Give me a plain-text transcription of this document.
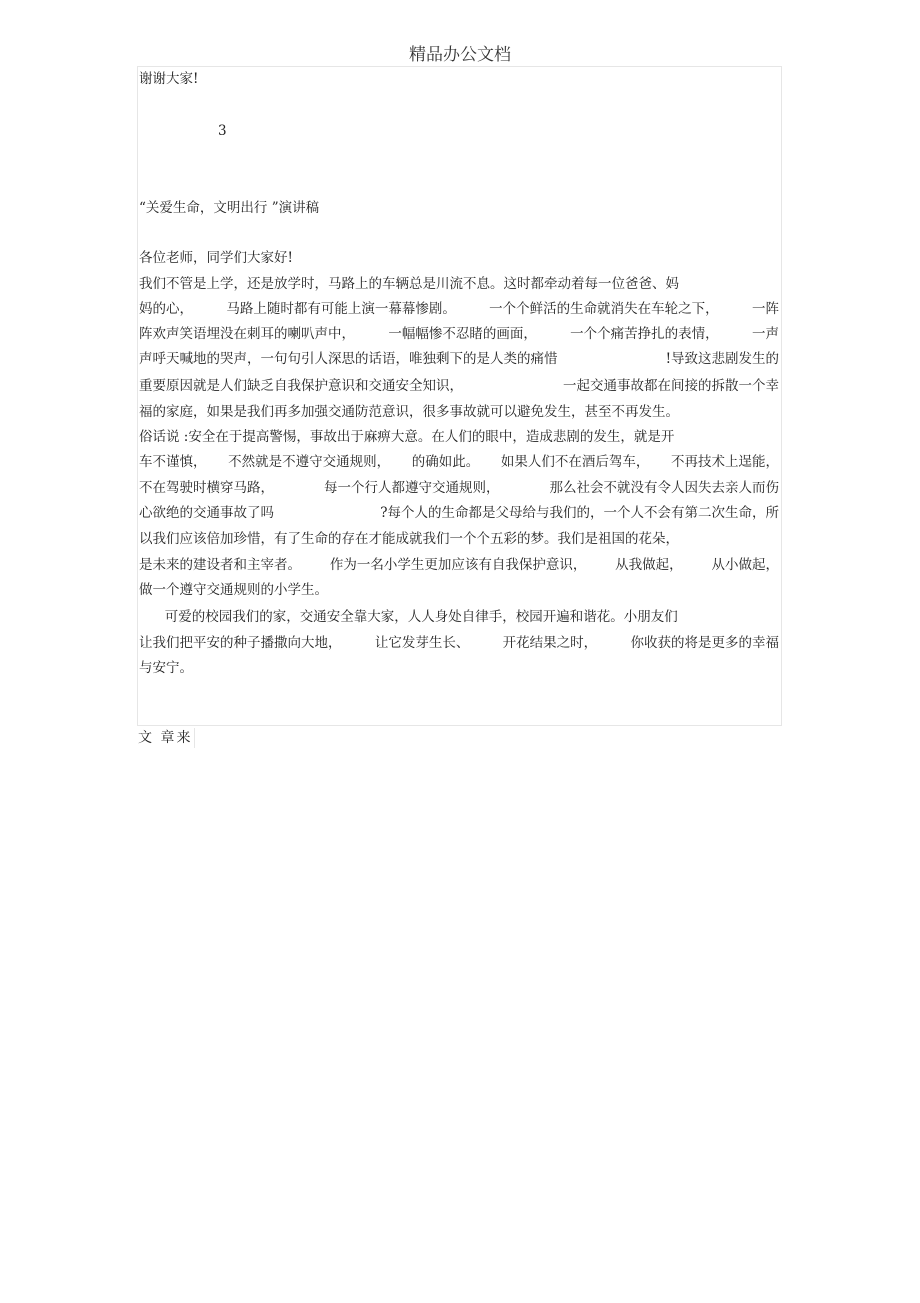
精品办公文档
谢谢大家!
3
“关爱生命，文明出行 ”演讲稿
各位老师，同学们大家好!
我们不管是上学，还是放学时，马路上的车辆总是川流不息。这时都牵动着每一位爸爸、妈
妈的心， 马路上随时都有可能上演一幕幕惨剧。 一个个鲜活的生命就消失在车轮之下， 一阵
阵欢声笑语埋没在刺耳的喇叭声中， 一幅幅惨不忍睹的画面， 一个个痛苦挣扎的表情， 一声
声呼天喊地的哭声，一句句引人深思的话语，唯独剩下的是人类的痛惜	!导致这悲剧发生的
重要原因就是人们缺乏自我保护意识和交通安全知识，	一起交通事故都在间接的拆散一个幸
福的家庭，如果是我们再多加强交通防范意识，很多事故就可以避免发生，甚至不再发生。
俗话说 :安全在于提高警惕，事故出于麻痹大意。在人们的眼中，造成悲剧的发生，就是开
车不谨慎， 不然就是不遵守交通规则， 的确如此。 如果人们不在酒后驾车， 不再技术上逞能，
不在驾驶时横穿马路，	每一个行人都遵守交通规则，	那么社会不就没有令人因失去亲人而伤
心欲绝的交通事故了吗	?每个人的生命都是父母给与我们的，一个人不会有第二次生命，所
以我们应该倍加珍惜，有了生命的存在才能成就我们一个个五彩的梦。我们是祖国的花朵，
是未来的建设者和主宰者。 作为一名小学生更加应该有自我保护意识， 从我做起， 从小做起，
做一个遵守交通规则的小学生。
可爱的校园我们的家，交通安全靠大家，人人身处自律手，校园开遍和谐花。小朋友们
让我们把平安的种子播撒向大地， 让它发芽生长、 开花结果之时， 你收获的将是更多的幸福
与安宁。
文 章来
